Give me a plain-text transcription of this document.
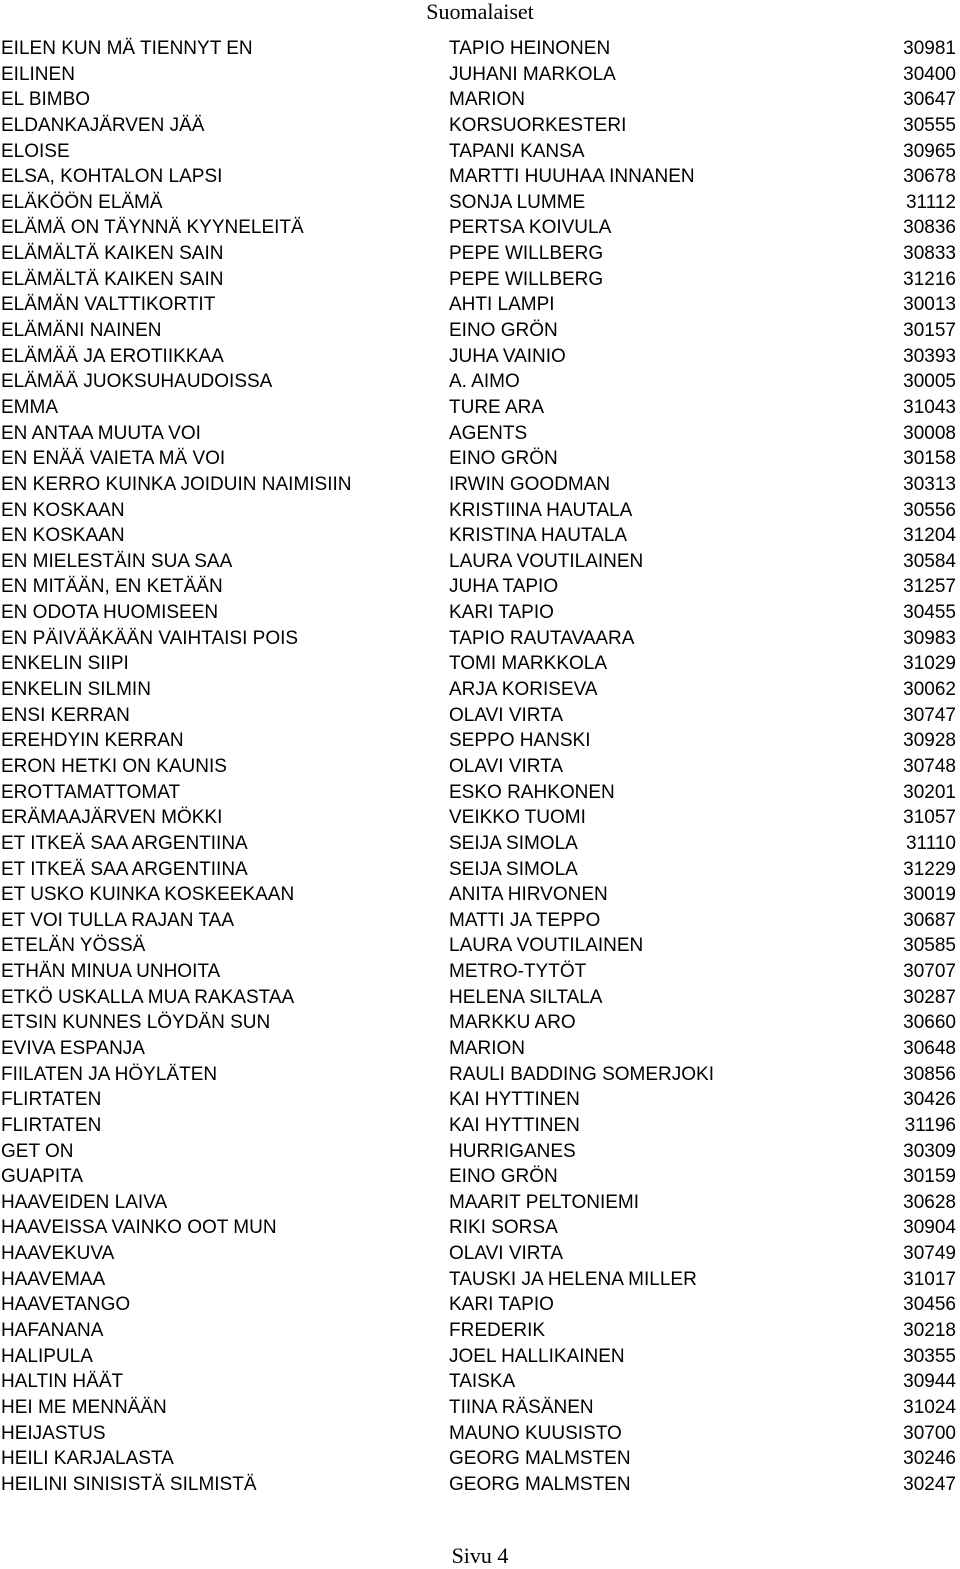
Suomalaiset
EILEN KUN MÄ TIENNYT EN	TAPIO HEINONEN	30981
EILINEN	JUHANI MARKOLA	30400
EL BIMBO	MARION	30647
ELDANKAJÄRVEN JÄÄ	KORSUORKESTERI	30555
ELOISE	TAPANI KANSA	30965
ELSA, KOHTALON LAPSI	MARTTI HUUHAA INNANEN	30678
ELÄKÖÖN ELÄMÄ	SONJA LUMME	31112
ELÄMÄ ON TÄYNNÄ KYYNELEITÄ	PERTSA KOIVULA	30836
ELÄMÄLTÄ KAIKEN SAIN	PEPE WILLBERG	30833
ELÄMÄLTÄ KAIKEN SAIN	PEPE WILLBERG	31216
ELÄMÄN VALTTIKORTIT	AHTI LAMPI	30013
ELÄMÄNI NAINEN	EINO GRÖN	30157
ELÄMÄÄ JA EROTIIKKAA	JUHA VAINIO	30393
ELÄMÄÄ JUOKSUHAUDOISSA	A. AIMO	30005
EMMA	TURE ARA	31043
EN ANTAA MUUTA VOI	AGENTS	30008
EN ENÄÄ VAIETA MÄ VOI	EINO GRÖN	30158
EN KERRO KUINKA JOIDUIN NAIMISIIN	IRWIN GOODMAN	30313
EN KOSKAAN	KRISTIINA HAUTALA	30556
EN KOSKAAN	KRISTINA HAUTALA	31204
EN MIELESTÄIN SUA SAA	LAURA VOUTILAINEN	30584
EN MITÄÄN, EN KETÄÄN	JUHA TAPIO	31257
EN ODOTA HUOMISEEN	KARI TAPIO	30455
EN PÄIVÄÄKÄÄN VAIHTAISI POIS	TAPIO RAUTAVAARA	30983
ENKELIN SIIPI	TOMI MARKKOLA	31029
ENKELIN SILMIN	ARJA KORISEVA	30062
ENSI KERRAN	OLAVI VIRTA	30747
EREHDYIN KERRAN	SEPPO HANSKI	30928
ERON HETKI ON KAUNIS	OLAVI VIRTA	30748
EROTTAMATTOMAT	ESKO RAHKONEN	30201
ERÄMAAJÄRVEN MÖKKI	VEIKKO TUOMI	31057
ET ITKEÄ SAA ARGENTIINA	SEIJA SIMOLA	31110
ET ITKEÄ SAA ARGENTIINA	SEIJA SIMOLA	31229
ET USKO KUINKA KOSKEEKAAN	ANITA HIRVONEN	30019
ET VOI TULLA RAJAN TAA	MATTI JA TEPPO	30687
ETELÄN YÖSSÄ	LAURA VOUTILAINEN	30585
ETHÄN MINUA UNHOITA	METRO-TYTÖT	30707
ETKÖ USKALLA MUA RAKASTAA	HELENA SILTALA	30287
ETSIN KUNNES LÖYDÄN SUN	MARKKU ARO	30660
EVIVA ESPANJA	MARION	30648
FIILATEN JA HÖYLÄTEN	RAULI BADDING SOMERJOKI	30856
FLIRTATEN	KAI HYTTINEN	30426
FLIRTATEN	KAI HYTTINEN	31196
GET ON	HURRIGANES	30309
GUAPITA	EINO GRÖN	30159
HAAVEIDEN LAIVA	MAARIT PELTONIEMI	30628
HAAVEISSA VAINKO OOT MUN	RIKI SORSA	30904
HAAVEKUVA	OLAVI VIRTA	30749
HAAVEMAA	TAUSKI JA HELENA MILLER	31017
HAAVETANGO	KARI TAPIO	30456
HAFANANA	FREDERIK	30218
HALIPULA	JOEL HALLIKAINEN	30355
HALTIN HÄÄT	TAISKA	30944
HEI ME MENNÄÄN	TIINA RÄSÄNEN	31024
HEIJASTUS	MAUNO KUUSISTO	30700
HEILI KARJALASTA	GEORG MALMSTEN	30246
HEILINI SINISISTÄ SILMISTÄ	GEORG MALMSTEN	30247
Sivu 4
